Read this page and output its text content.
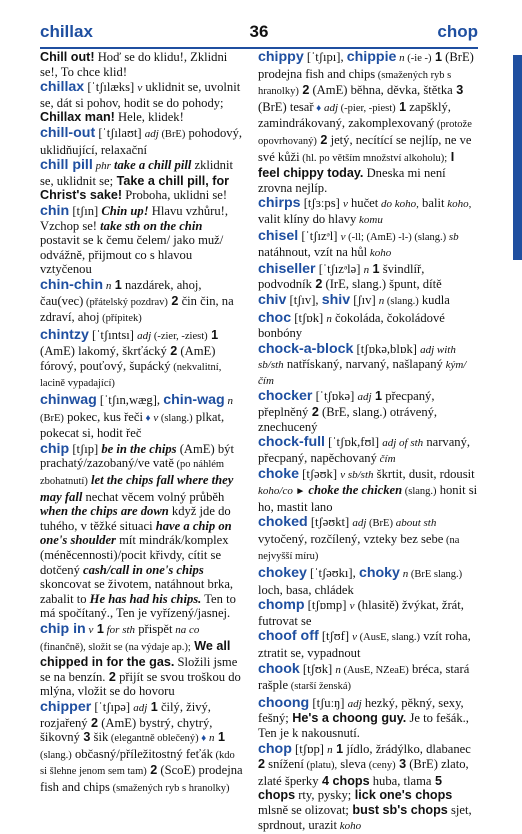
chillax	36	chop
Chill out! Hoď se do klidu!, Zklidni se!, To chce klid!
chillax [ˈtʃılæks] v uklidnit se, uvolnit se, dát si pohov, hodit se do pohody; Chillax man! Hele, klidek!
chill-out [ˈtʃılaʊt] adj (BrE) pohodový, uklidňující, relaxační
chill pill phr take a chill pill zklidnit se, uklidnit se; Take a chill pill, for Christ's sake! Proboha, uklidni se!
chin [tʃın] Chin up! Hlavu vzhůru!, Vzchop se! take sth on the chin postavit se k čemu čelem/ jako muž/ odvážně, přijmout co s hlavou vztyčenou
chin-chin n 1 nazdárek, ahoj, čau(vec) (přátelský pozdrav) 2 čin čin, na zdraví, ahoj (přípitek)
chintzy [ˈtʃıntsı] adj (-zier, -ziest) 1 (AmE) lakomý, škrťácký 2 (AmE) fórový, pouťový, šupácký (nekvalitní, lacině vypadající)
chinwag [ˈtʃın,wæg], chin-wag n (BrE) pokec, kus řeči ♦ v (slang.) plkat, pokecat si, hodit řeč
chip [tʃıp] be in the chips (AmE) být prachatý/zazobaný/ve vatě (po náhlém zbohatnutí) let the chips fall where they may fall nechat věcem volný průběh when the chips are down když jde do tuhého, v těžké situaci have a chip on one's shoulder mít mindrák/komplex (méněcennosti)/pocit křivdy, cítit se dotčený cash/call in one's chips skoncovat se životem, natáhnout brka, zabalit to He has had his chips. Ten to má spočítaný., Ten je vyřízený/jasnej.
chip in v 1 for sth přispět na co (finančně), složit se (na výdaje ap.); We all chipped in for the gas. Složili jsme se na benzín. 2 přijít se svou troškou do mlýna, vložit se do hovoru
chipper [ˈtʃıpə] adj 1 čilý, živý, rozjařený 2 (AmE) bystrý, chytrý, šikovný 3 šik (elegantně oblečený) ♦ n 1 (slang.) občasný/příležitostný feťák (kdo si šlehne jenom sem tam) 2 (ScoE) prodejna fish and chips (smažených ryb s hranolky)
chippy [ˈtʃıpı], chippie n (-ie -) 1 (BrE) prodejna fish and chips (smažených ryb s hranolky) 2 (AmE) běhna, děvka, štětka 3 (BrE) tesař ♦ adj (-pier, -piest) 1 zapšklý, zamindrákovaný, zakomplexovaný (protože opovrhovaný) 2 jetý, necítící se nejlíp, ne ve své kůži (hl. po větším množství alkoholu); I feel chippy today. Dneska mi není zrovna nejlíp.
chirps [tʃɜːps] v hučet do koho, balit koho, valit klíny do hlavy komu
chisel [ˈtʃızᵊl] v (-ll; (AmE) -l-) (slang.) sb natáhnout, vzít na hůl koho
chiseller [ˈtʃızᵊlə] n 1 švindlíř, podvodník 2 (IrE, slang.) špunt, dítě
chiv [tʃıv], shiv [ʃıv] n (slang.) kudla
choc [tʃɒk] n čokoláda, čokoládové bonbóny
chock-a-block [tʃɒkə,blɒk] adj with sb/sth natřískaný, narvaný, našlapaný kým/čím
chocker [ˈtʃɒkə] adj 1 přecpaný, přeplněný 2 (BrE, slang.) otrávený, znechucený
chock-full [ˈtʃɒk,fʊl] adj of sth narvaný, přecpaný, napěchovaný čím
choke [tʃəʊk] v sb/sth škrtit, dusit, rdousit koho/co ► choke the chicken (slang.) honit si ho, mastit lano
choked [tʃəʊkt] adj (BrE) about sth vytočený, rozčílený, vzteky bez sebe (na nejvyšší míru)
chokey [ˈtʃəʊkı], choky n (BrE slang.) loch, basa, chládek
chomp [tʃɒmp] v (hlasitě) žvýkat, žrát, futrovat se
choof off [tʃʊf] v (AusE, slang.) vzít roha, ztratit se, vypadnout
chook [tʃʊk] n (AusE, NZeaE) bréca, stará rašple (starší ženská)
choong [tʃuːŋ] adj hezký, pěkný, sexy, fešný; He's a choong guy. Je to fešák., Ten je k nakousnutí.
chop [tʃɒp] n 1 jídlo, žrádýlko, dlabanec 2 snížení (platu), sleva (ceny) 3 (BrE) zlato, zlaté šperky 4 chops huba, tlama 5 chops rty, pysky; lick one's chops mlsně se olizovat; bust sb's chops sjet, sprdnout, urazit koho
